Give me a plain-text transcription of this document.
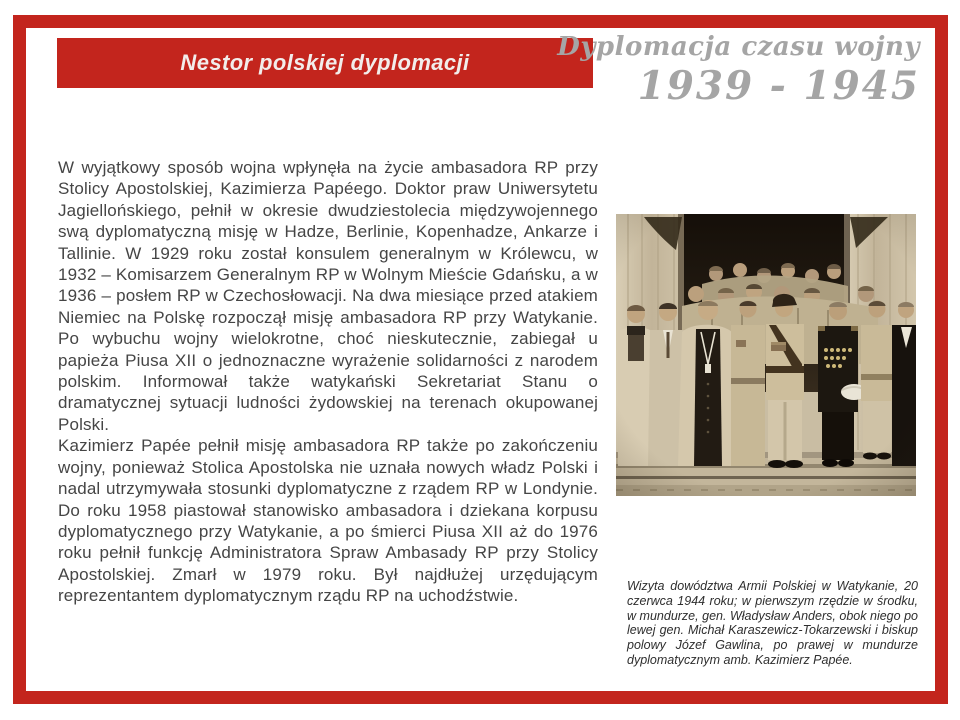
Nestor polskiej dyplomacji
Dyplomacja czasu wojny
1939 - 1945

W wyjątkowy sposób wojna wpłynęła na życie ambasadora RP przy Stolicy Apostolskiej, Kazimierza Papéego. Doktor praw Uniwersytetu Jagiellońskiego, pełnił w okresie dwudziestolecia międzywojennego swą dyplomatyczną misję w Hadze, Berlinie, Kopenhadze, Ankarze i Tallinie. W 1929 roku został konsulem generalnym w Królewcu, w 1932 – Komisarzem Generalnym RP w Wolnym Mieście Gdańsku, a w 1936 – posłem RP w Czechosłowacji. Na dwa miesiące przed atakiem Niemiec na Polskę rozpoczął misję ambasadora RP przy Watykanie. Po wybuchu wojny wielokrotne, choć nieskutecznie, zabiegał u papieża Piusa XII o jednoznaczne wyrażenie solidarności z narodem polskim. Informował także watykański Sekretariat Stanu o dramatycznej sytuacji ludności żydowskiej na terenach okupowanej Polski.

Kazimierz Papée pełnił misję ambasadora RP także po zakończeniu wojny, ponieważ Stolica Apostolska nie uznała nowych władz Polski i nadal utrzymywała stosunki dyplomatyczne z rządem RP w Londynie. Do roku 1958 piastował stanowisko ambasadora i dziekana korpusu dyplomatycznego przy Watykanie, a po śmierci Piusa XII aż do 1976 roku pełnił funkcję Administratora Spraw Ambasady RP przy Stolicy Apostolskiej. Zmarł w 1979 roku. Był najdłużej urzędującym reprezentantem dyplomatycznym rządu RP na uchodźstwie.

Wizyta dowództwa Armii Polskiej w Watykanie, 20 czerwca 1944 roku; w pierwszym rzędzie w środku, w mundurze, gen. Władysław Anders, obok niego po lewej gen. Michał Karaszewicz-Tokarzewski i biskup polowy Józef Gawlina, po prawej w mundurze dyplomatycznym amb. Kazimierz Papée.
